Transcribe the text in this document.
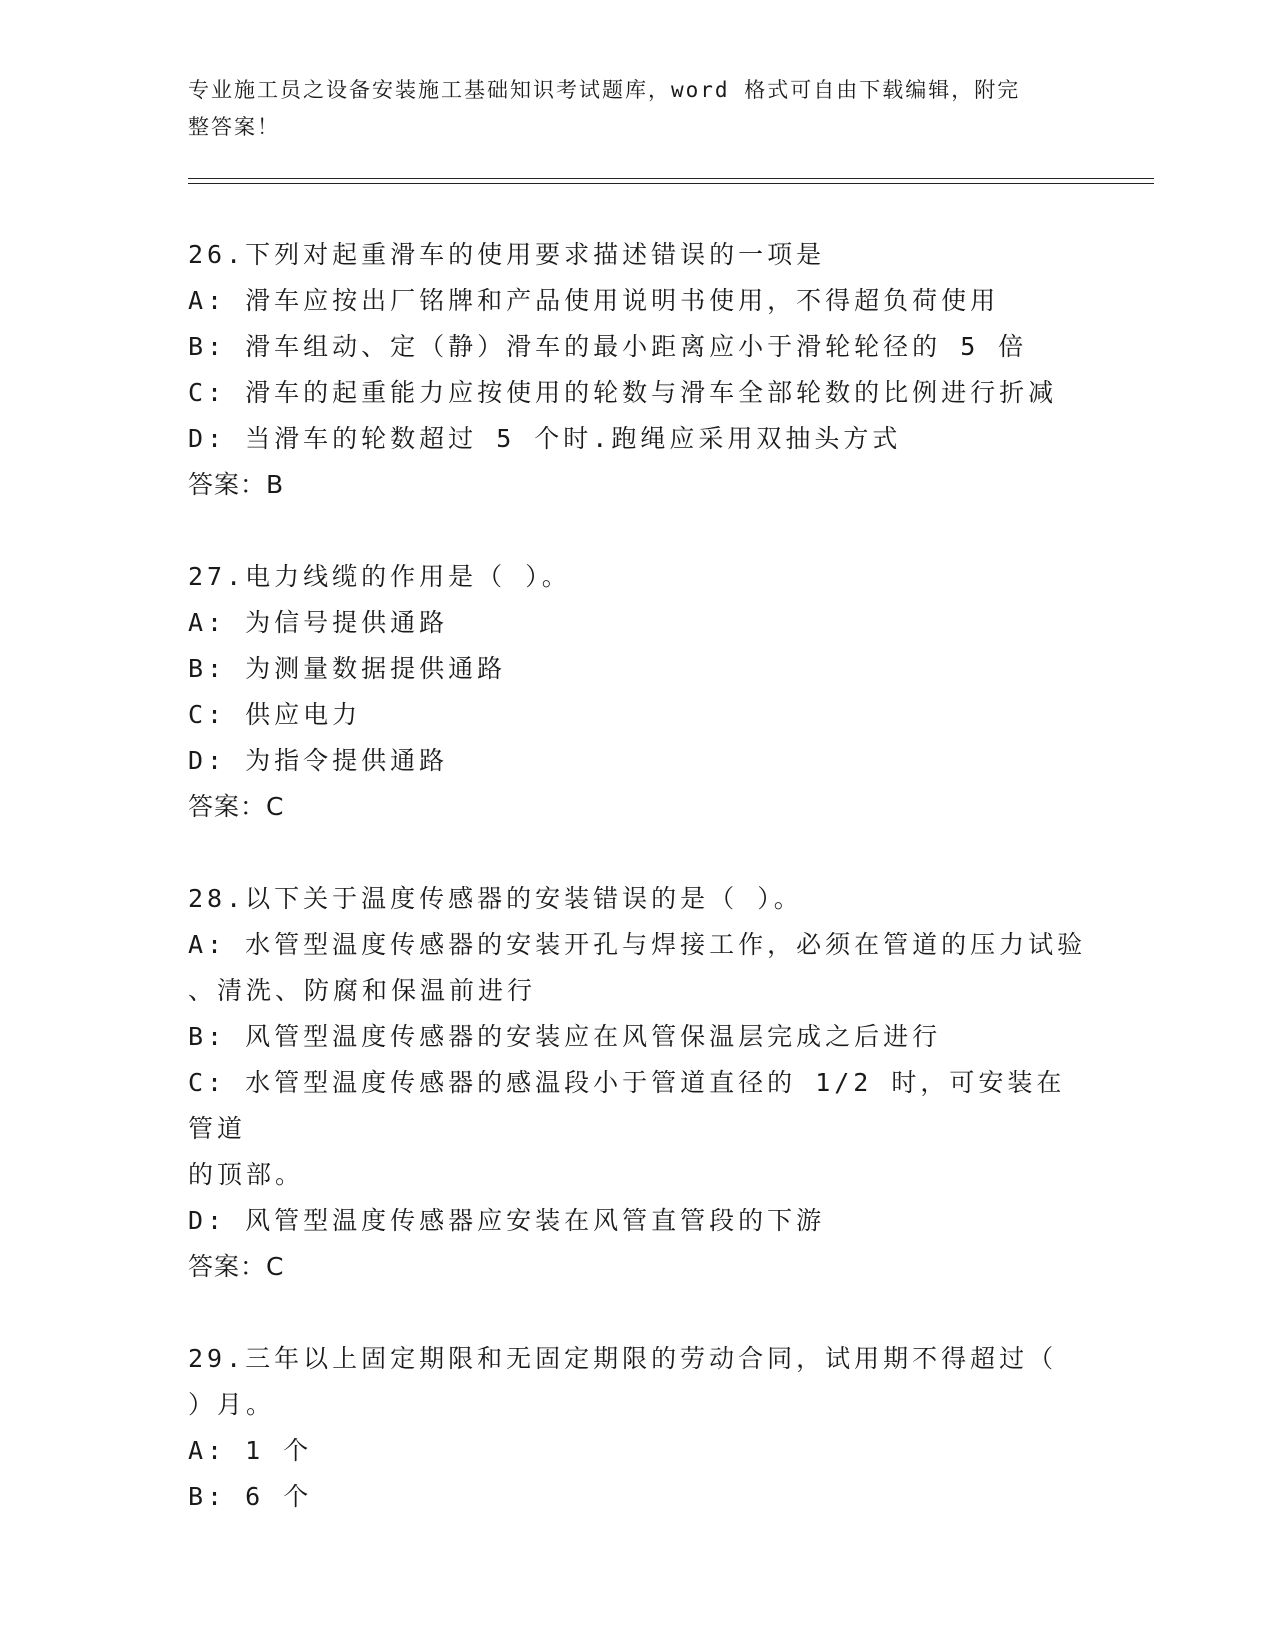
专业施工员之设备安装施工基础知识考试题库，word 格式可自由下载编辑，附完
整答案！
26.下列对起重滑车的使用要求描述错误的一项是
A: 滑车应按出厂铭牌和产品使用说明书使用，不得超负荷使用
B: 滑车组动、定（静）滑车的最小距离应小于滑轮轮径的 5 倍
C: 滑车的起重能力应按使用的轮数与滑车全部轮数的比例进行折减
D: 当滑车的轮数超过 5 个时.跑绳应采用双抽头方式
答案：B
27.电力线缆的作用是（ ）。
A: 为信号提供通路
B: 为测量数据提供通路
C: 供应电力
D: 为指令提供通路
答案：C
28.以下关于温度传感器的安装错误的是（ ）。
A: 水管型温度传感器的安装开孔与焊接工作，必须在管道的压力试验
、清洗、防腐和保温前进行
B: 风管型温度传感器的安装应在风管保温层完成之后进行
C: 水管型温度传感器的感温段小于管道直径的 1/2 时，可安装在管道
的顶部。
D: 风管型温度传感器应安装在风管直管段的下游
答案：C
29.三年以上固定期限和无固定期限的劳动合同，试用期不得超过（
）月。
A: 1 个
B: 6 个
